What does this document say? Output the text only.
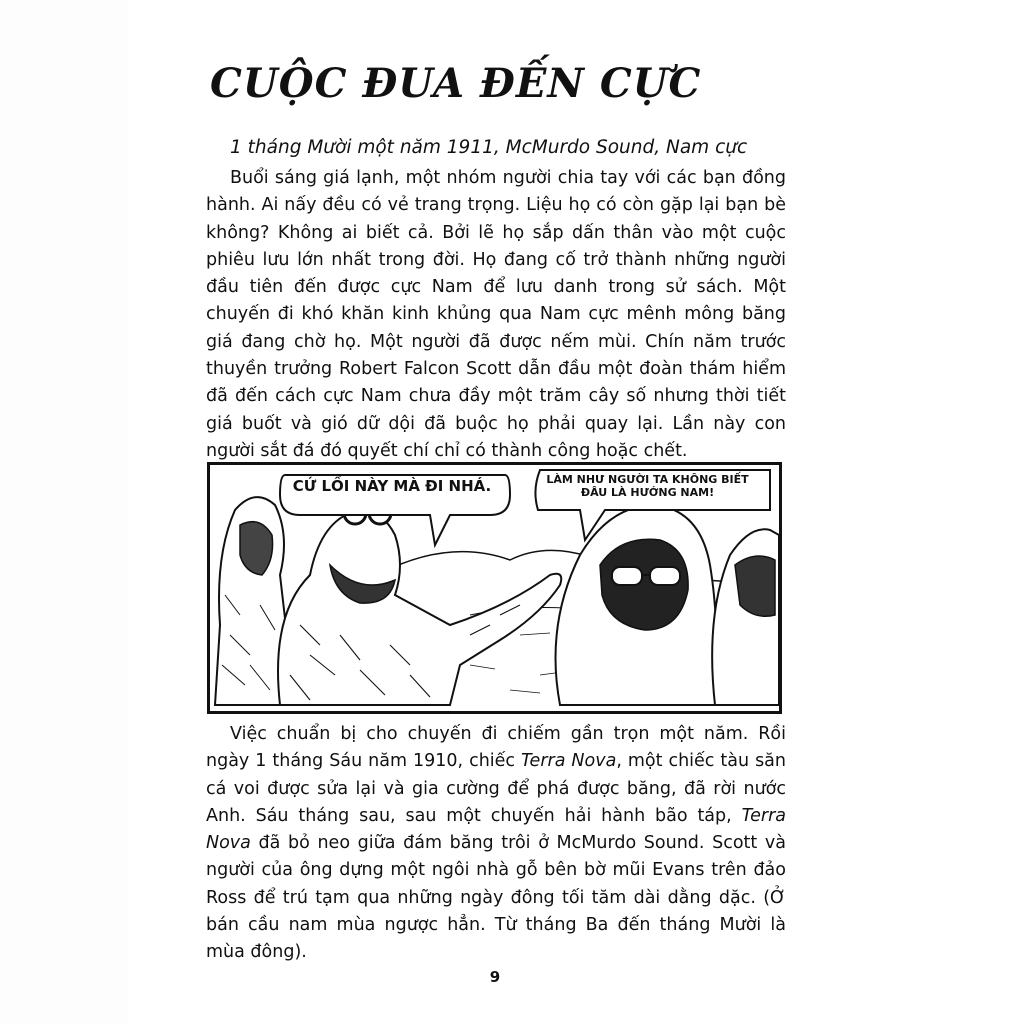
CUỘC ĐUA ĐẾN CỰC

1 tháng Mười một năm 1911, McMurdo Sound, Nam cực

Buổi sáng giá lạnh, một nhóm người chia tay với các bạn đồng hành. Ai nấy đều có vẻ trang trọng. Liệu họ có còn gặp lại bạn bè không? Không ai biết cả. Bởi lẽ họ sắp dấn thân vào một cuộc phiêu lưu lớn nhất trong đời. Họ đang cố trở thành những người đầu tiên đến được cực Nam để lưu danh trong sử sách. Một chuyến đi khó khăn kinh khủng qua Nam cực mênh mông băng giá đang chờ họ. Một người đã được nếm mùi. Chín năm trước thuyền trưởng Robert Falcon Scott dẫn đầu một đoàn thám hiểm đã đến cách cực Nam chưa đầy một trăm cây số nhưng thời tiết giá buốt và gió dữ dội đã buộc họ phải quay lại. Lần này con người sắt đá đó quyết chí chỉ có thành công hoặc chết.

CỨ LỐI NÀY MÀ ĐI NHÁ.	LÀM NHƯ NGƯỜI TA KHÔNG BIẾT ĐÂU LÀ HƯỚNG NAM!

Việc chuẩn bị cho chuyến đi chiếm gần trọn một năm. Rồi ngày 1 tháng Sáu năm 1910, chiếc Terra Nova, một chiếc tàu săn cá voi được sửa lại và gia cường để phá được băng, đã rời nước Anh. Sáu tháng sau, sau một chuyến hải hành bão táp, Terra Nova đã bỏ neo giữa đám băng trôi ở McMurdo Sound. Scott và người của ông dựng một ngôi nhà gỗ bên bờ mũi Evans trên đảo Ross để trú tạm qua những ngày đông tối tăm dài dằng dặc. (Ở bán cầu nam mùa ngược hẳn. Từ tháng Ba đến tháng Mười là mùa đông).

9
